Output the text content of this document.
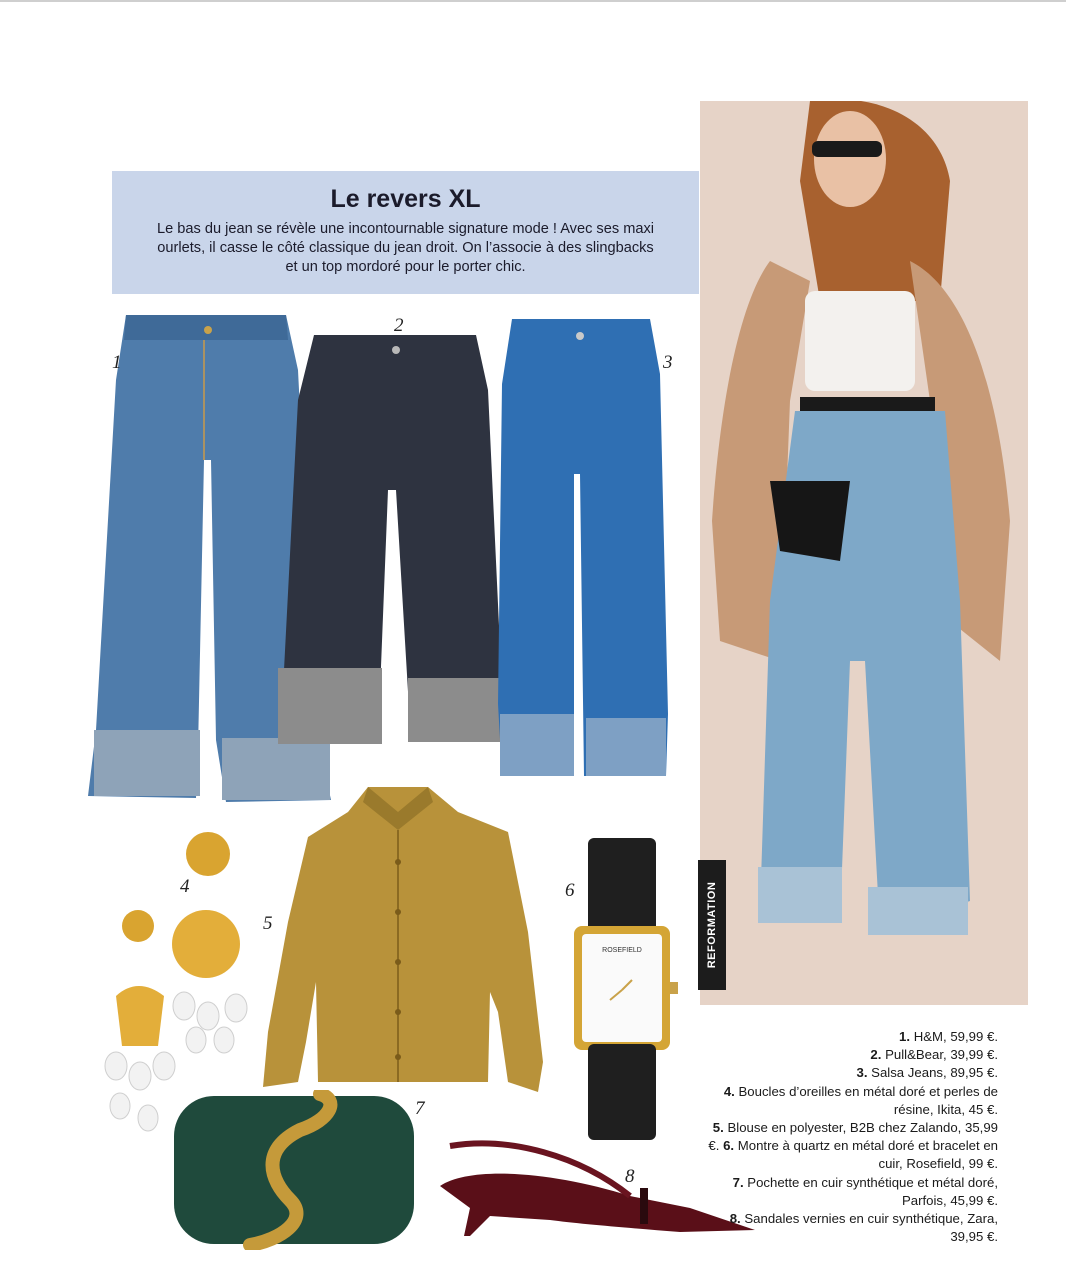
Le revers XL
Le bas du jean se révèle une incontournable signature mode ! Avec ses maxi ourlets, il casse le côté classique du jean droit. On l’associe à des slingbacks et un top mordoré pour le porter chic.
1
2
3
4
5
ROSEFIELD
6
7
8
REFORMATION
1. H&M, 59,99 €.
2. Pull&Bear, 39,99 €.
3. Salsa Jeans, 89,95 €.
4. Boucles d’oreilles en métal doré et perles de résine, Ikita, 45 €.
5. Blouse en polyester, B2B chez Zalando, 35,99 €. 6. Montre à quartz en métal doré et bracelet en cuir, Rosefield, 99 €.
7. Pochette en cuir synthétique et métal doré, Parfois, 45,99 €.
8. Sandales vernies en cuir synthétique, Zara, 39,95 €.
